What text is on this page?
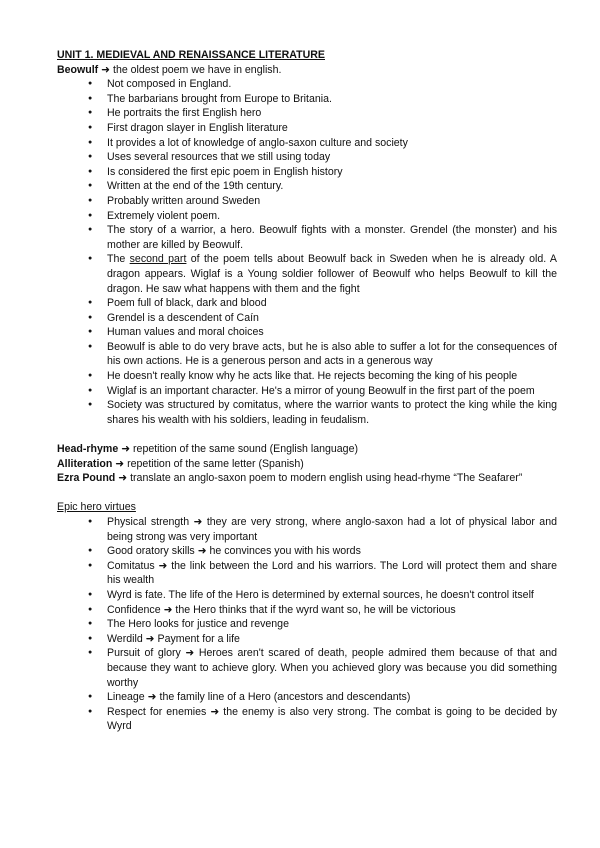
UNIT 1. MEDIEVAL AND RENAISSANCE LITERATURE
Beowulf ➜ the oldest poem we have in english.
● Not composed in England.
● The barbarians brought from Europe to Britania.
● He portraits the first English hero
● First dragon slayer in English literature
● It provides a lot of knowledge of anglo-saxon culture and society
● Uses several resources that we still using today
● Is considered the first epic poem in English history
● Written at the end of the 19th century.
● Probably written around Sweden
● Extremely violent poem.
● The story of a warrior, a hero. Beowulf fights with a monster. Grendel (the monster) and his mother are killed by Beowulf.
● The second part of the poem tells about Beowulf back in Sweden when he is already old. A dragon appears. Wiglaf is a Young soldier follower of Beowulf who helps Beowulf to kill the dragon. He saw what happens with them and the fight
● Poem full of black, dark and blood
● Grendel is a descendent of Caín
● Human values and moral choices
● Beowulf is able to do very brave acts, but he is also able to suffer a lot for the consequences of his own actions. He is a generous person and acts in a generous way
● He doesn't really know why he acts like that. He rejects becoming the king of his people
● Wiglaf is an important character. He's a mirror of young Beowulf in the first part of the poem
● Society was structured by comitatus, where the warrior wants to protect the king while the king shares his wealth with his soldiers, leading in feudalism.
Head-rhyme ➜ repetition of the same sound (English language)
Alliteration ➜ repetition of the same letter (Spanish)
Ezra Pound ➜ translate an anglo-saxon poem to modern english using head-rhyme “The Seafarer”
Epic hero virtues
● Physical strength ➜ they are very strong, where anglo-saxon had a lot of physical labor and being strong was very important
● Good oratory skills ➜ he convinces you with his words
● Comitatus ➜ the link between the Lord and his warriors. The Lord will protect them and share his wealth
● Wyrd is fate. The life of the Hero is determined by external sources, he doesn't control itself
● Confidence ➜ the Hero thinks that if the wyrd want so, he will be victorious
● The Hero looks for justice and revenge
● Werdild ➜ Payment for a life
● Pursuit of glory ➜ Heroes aren't scared of death, people admired them because of that and because they want to achieve glory. When you achieved glory was because you did something worthy
● Lineage ➜ the family line of a Hero (ancestors and descendants)
● Respect for enemies ➜ the enemy is also very strong. The combat is going to be decided by Wyrd
